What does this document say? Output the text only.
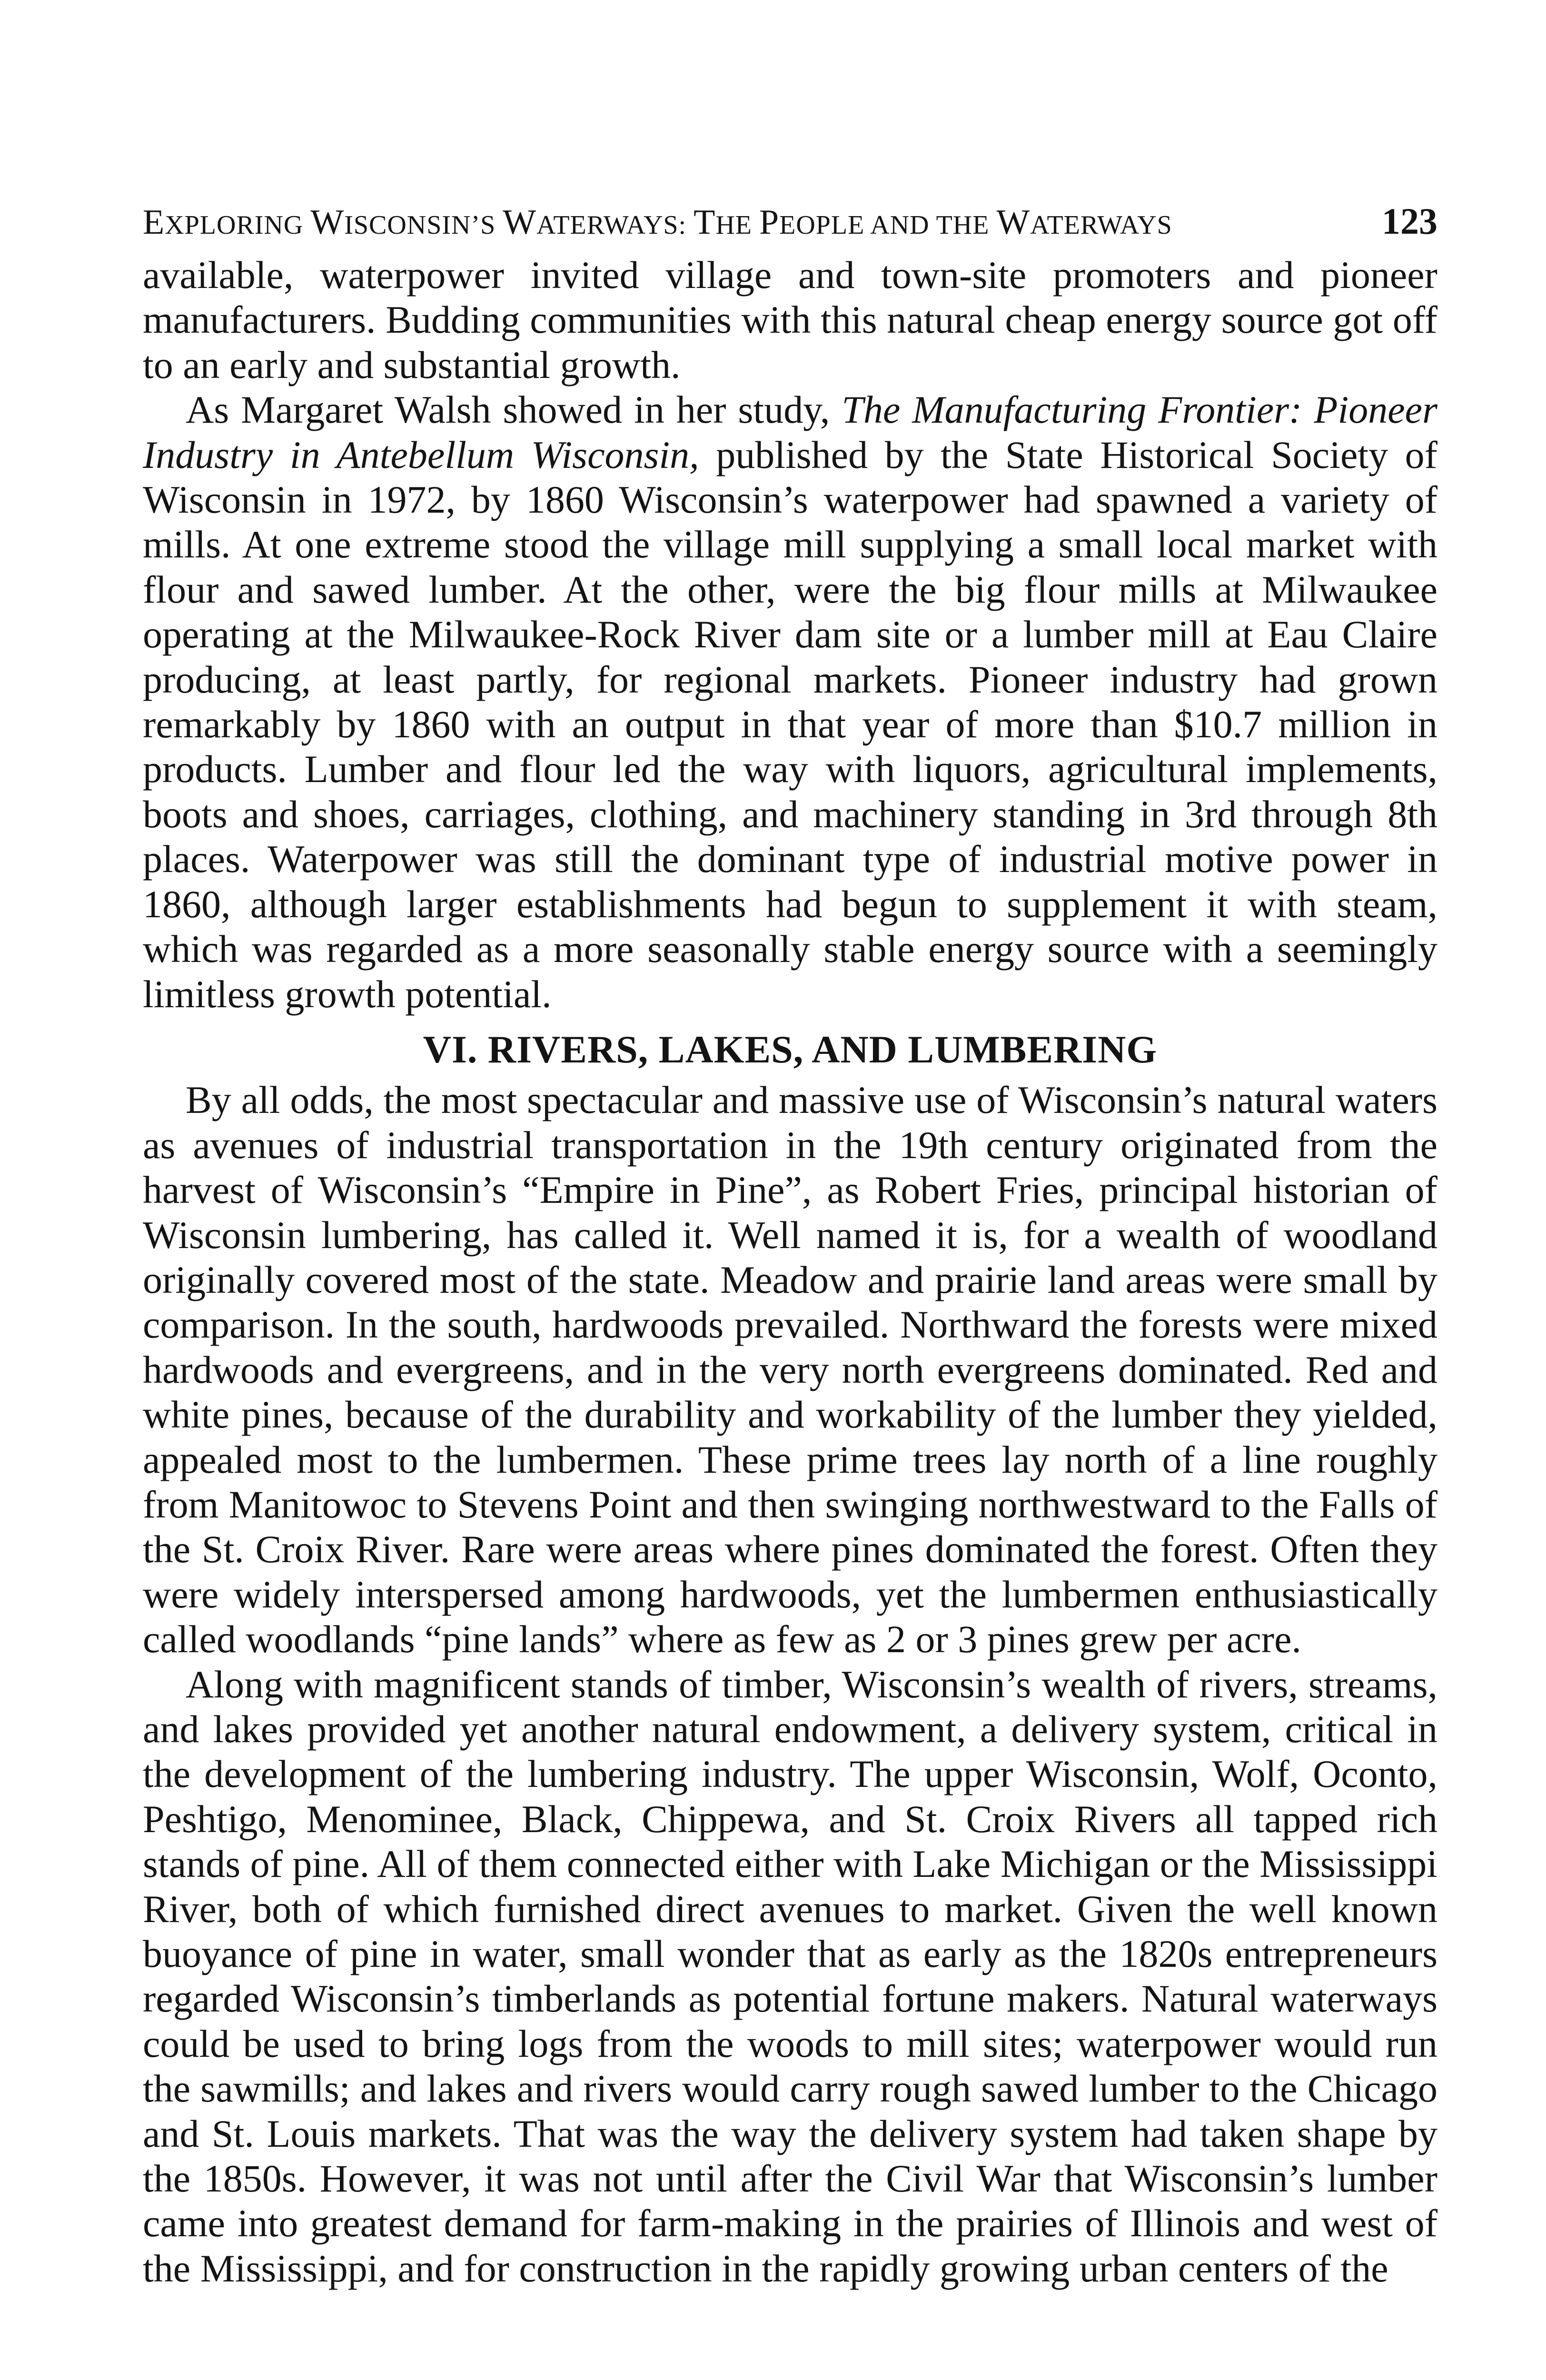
EXPLORING WISCONSIN’S WATERWAYS: THE PEOPLE AND THE WATERWAYS	123

available, waterpower invited village and town-site promoters and pioneer manufacturers. Budding communities with this natural cheap energy source got off to an early and substantial growth.

As Margaret Walsh showed in her study, The Manufacturing Frontier: Pioneer Industry in Antebellum Wisconsin, published by the State Historical Society of Wisconsin in 1972, by 1860 Wisconsin’s waterpower had spawned a variety of mills. At one extreme stood the village mill supplying a small local market with flour and sawed lumber. At the other, were the big flour mills at Milwaukee operating at the Milwaukee-Rock River dam site or a lumber mill at Eau Claire producing, at least partly, for regional markets. Pioneer industry had grown remarkably by 1860 with an output in that year of more than $10.7 million in products. Lumber and flour led the way with liquors, agricultural implements, boots and shoes, carriages, clothing, and machinery standing in 3rd through 8th places. Waterpower was still the dominant type of industrial motive power in 1860, although larger establishments had begun to supplement it with steam, which was regarded as a more seasonally stable energy source with a seemingly limitless growth potential.

VI. RIVERS, LAKES, AND LUMBERING

By all odds, the most spectacular and massive use of Wisconsin’s natural waters as avenues of industrial transportation in the 19th century originated from the harvest of Wisconsin’s “Empire in Pine”, as Robert Fries, principal historian of Wisconsin lumbering, has called it. Well named it is, for a wealth of woodland originally covered most of the state. Meadow and prairie land areas were small by comparison. In the south, hardwoods prevailed. Northward the forests were mixed hardwoods and evergreens, and in the very north evergreens dominated. Red and white pines, because of the durability and workability of the lumber they yielded, appealed most to the lumbermen. These prime trees lay north of a line roughly from Manitowoc to Stevens Point and then swinging northwestward to the Falls of the St. Croix River. Rare were areas where pines dominated the forest. Often they were widely interspersed among hardwoods, yet the lumbermen enthusiastically called woodlands “pine lands” where as few as 2 or 3 pines grew per acre.

Along with magnificent stands of timber, Wisconsin’s wealth of rivers, streams, and lakes provided yet another natural endowment, a delivery system, critical in the development of the lumbering industry. The upper Wisconsin, Wolf, Oconto, Peshtigo, Menominee, Black, Chippewa, and St. Croix Rivers all tapped rich stands of pine. All of them connected either with Lake Michigan or the Mississippi River, both of which furnished direct avenues to market. Given the well known buoyance of pine in water, small wonder that as early as the 1820s entrepreneurs regarded Wisconsin’s timberlands as potential fortune makers. Natural waterways could be used to bring logs from the woods to mill sites; waterpower would run the sawmills; and lakes and rivers would carry rough sawed lumber to the Chicago and St. Louis markets. That was the way the delivery system had taken shape by the 1850s. However, it was not until after the Civil War that Wisconsin’s lumber came into greatest demand for farm-making in the prairies of Illinois and west of the Mississippi, and for construction in the rapidly growing urban centers of the
